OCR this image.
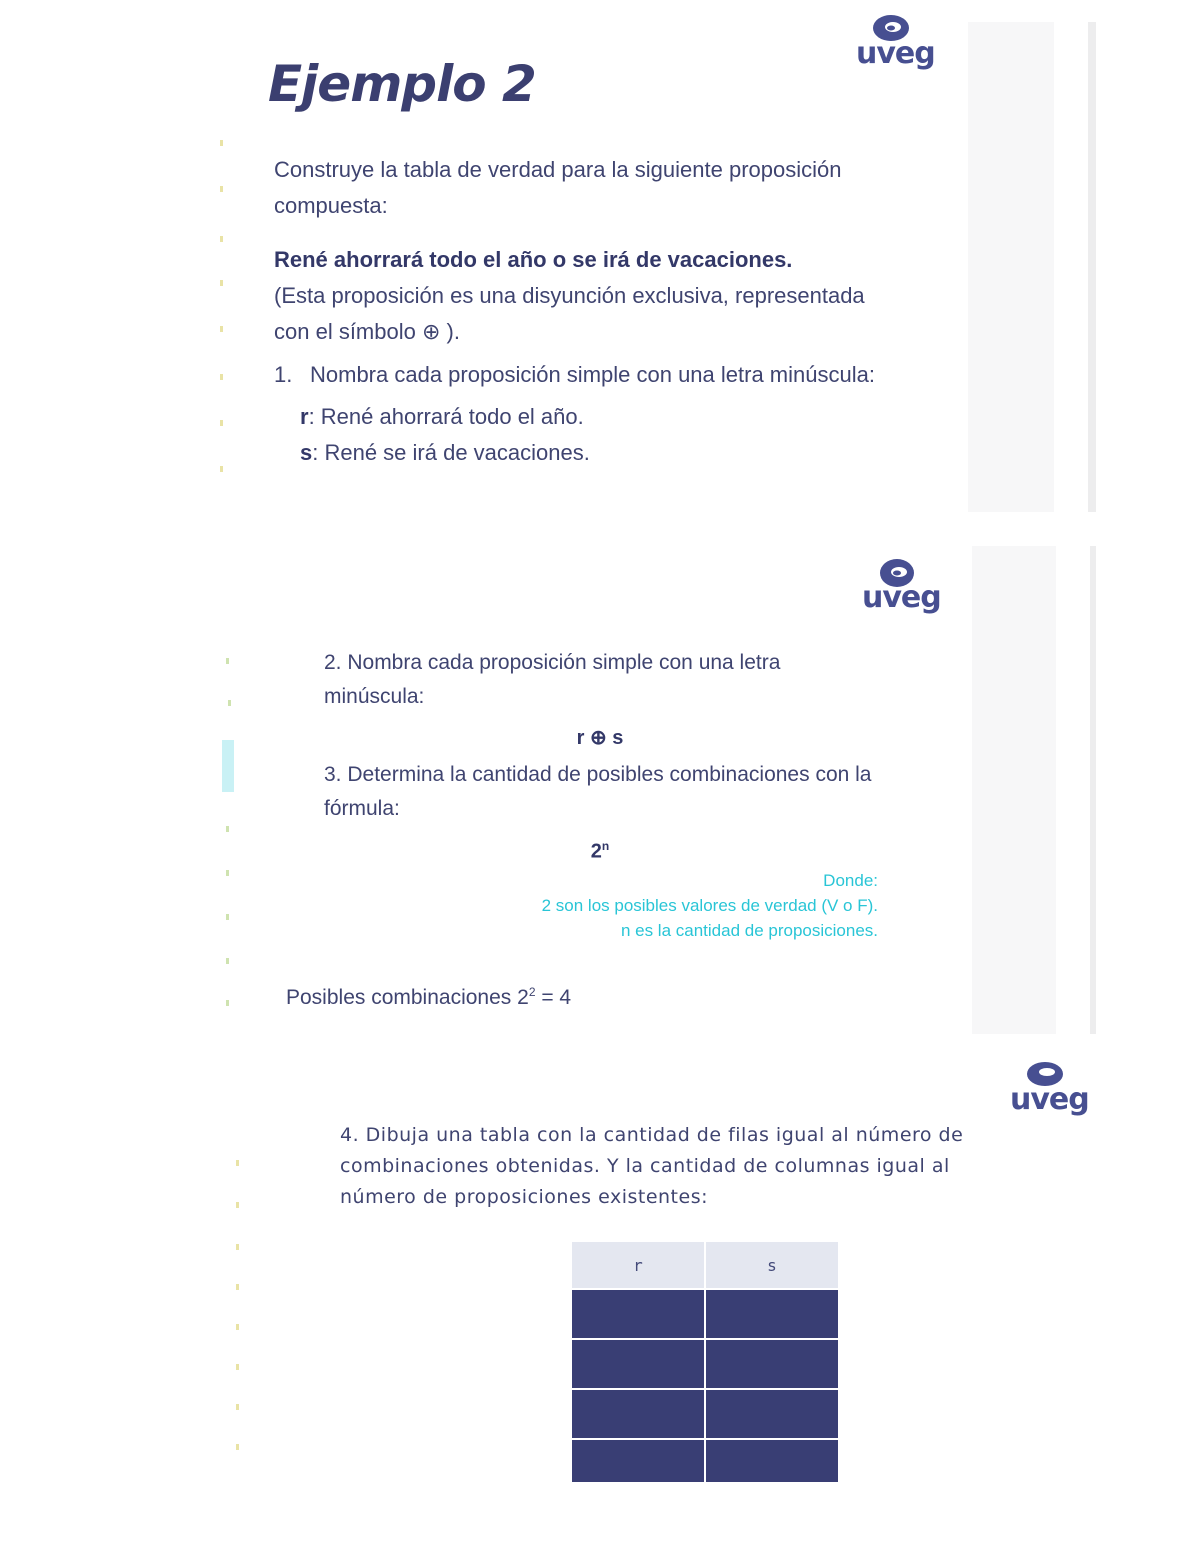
uveg
Ejemplo 2
Construye la tabla de verdad para la siguiente proposición compuesta:
René ahorrará todo el año o se irá de vacaciones.
(Esta proposición es una disyunción exclusiva, representada con el símbolo ⊕ ).
1. Nombra cada proposición simple con una letra minúscula:
r: René ahorrará todo el año.
s: René se irá de vacaciones.
uveg
2. Nombra cada proposición simple con una letra minúscula:
r ⊕ s
3. Determina la cantidad de posibles combinaciones con la fórmula:
2$^n$
Donde:
2 son los posibles valores de verdad (V o F).
n es la cantidad de proposiciones.
Posibles combinaciones $2^2 = 4$
uveg
4. Dibuja una tabla con la cantidad de filas igual al número de combinaciones obtenidas. Y la cantidad de columnas igual al número de proposiciones existentes:
r	s
